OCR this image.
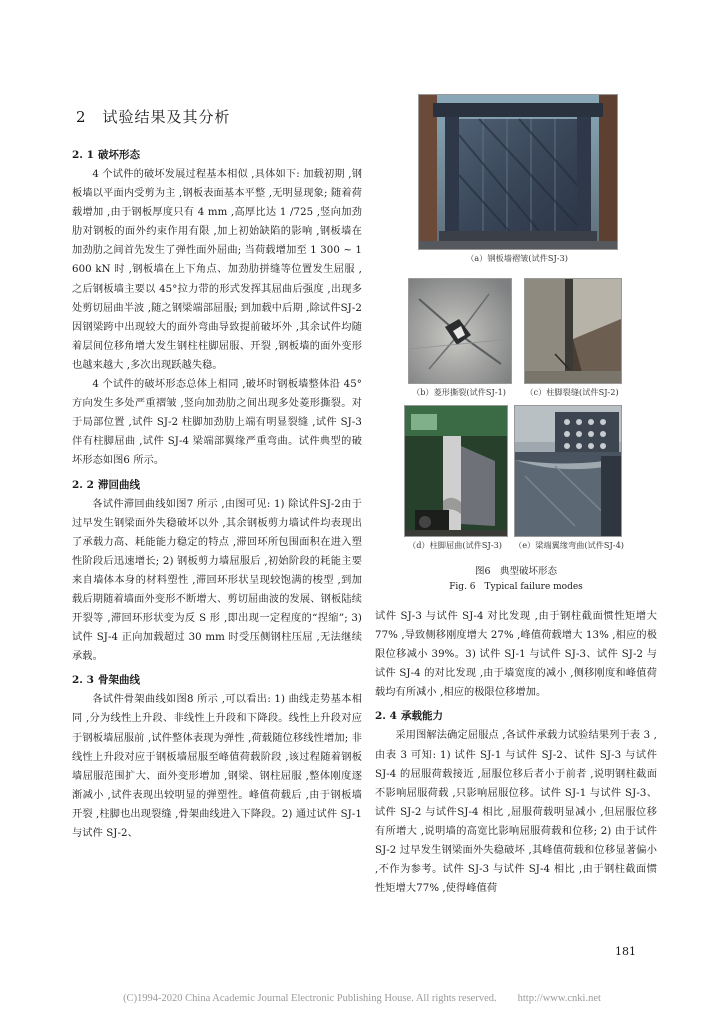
2　试验结果及其分析
2. 1 破坏形态

4 个试件的破坏发展过程基本相似 ,具体如下: 加载初期 ,钢板墙以平面内受剪为主 ,钢板表面基本平整 ,无明显现象; 随着荷载增加 ,由于钢板厚度只有 4 mm ,高厚比达 1 /725 ,竖向加劲肋对钢板的面外约束作用有限 ,加上初始缺陷的影响 ,钢板墙在加劲肋之间首先发生了弹性面外屈曲; 当荷载增加至 1 300 ~ 1 600 kN 时 ,钢板墙在上下角点、加劲肋拼缝等位置发生屈服 ,之后钢板墙主要以 45°拉力带的形式发挥其屈曲后强度 ,出现多处剪切屈曲半波 ,随之钢梁端部屈服; 到加载中后期 ,除试件SJ-2 因钢梁跨中出现较大的面外弯曲导致提前破坏外 ,其余试件均随着层间位移角增大发生钢柱柱脚屈服、开裂 ,钢板墙的面外变形也越来越大 ,多次出现跃越失稳。

4 个试件的破坏形态总体上相同 ,破坏时钢板墙整体沿 45°方向发生多处严重褶皱 ,竖向加劲肋之间出现多处菱形撕裂。对于局部位置 ,试件 SJ-2 柱脚加劲肋上端有明显裂缝 ,试件 SJ-3 伴有柱脚屈曲 ,试件 SJ-4 梁端部翼缘严重弯曲。试件典型的破坏形态如图6 所示。

2. 2 滞回曲线

各试件滞回曲线如图7 所示 ,由图可见: 1) 除试件SJ-2由于过早发生钢梁面外失稳破坏以外 ,其余钢板剪力墙试件均表现出了承载力高、耗能能力稳定的特点 ,滞回环所包围面积在进入塑性阶段后迅速增长; 2) 钢板剪力墙屈服后 ,初始阶段的耗能主要来自墙体本身的材料塑性 ,滞回环形状呈现较饱满的梭型 ,到加载后期随着墙面外变形不断增大、剪切屈曲波的发展、钢板陆续开裂等 ,滞回环形状变为反 S 形 ,即出现一定程度的“捏缩”; 3) 试件 SJ-4 正向加载超过 30 mm 时受压侧钢柱压屈 ,无法继续承载。

2. 3 骨架曲线

各试件骨架曲线如图8 所示 ,可以看出: 1) 曲线走势基本相同 ,分为线性上升段、非线性上升段和下降段。线性上升段对应于钢板墙屈服前 ,试件整体表现为弹性 ,荷载随位移线性增加; 非线性上升段对应于钢板墙屈服至峰值荷载阶段 ,该过程随着钢板墙屈服范围扩大、面外变形增加 ,钢梁、钢柱屈服 ,整体刚度逐渐减小 ,试件表现出较明显的弹塑性。峰值荷载后 ,由于钢板墙开裂 ,柱脚也出现裂缝 ,骨架曲线进入下降段。2) 通过试件 SJ-1 与试件 SJ-2、

（a）钢板墙褶皱(试件SJ-3)
（b）菱形撕裂(试件SJ-1)	（c）柱脚裂缝(试件SJ-2)
（d）柱脚屈曲(试件SJ-3)	（e）梁端翼缘弯曲(试件SJ-4)
图6　典型破坏形态
Fig. 6　Typical failure modes

试件 SJ-3 与试件 SJ-4 对比发现 ,由于钢柱截面惯性矩增大 77% ,导致侧移刚度增大 27% ,峰值荷载增大 13% ,相应的极限位移减小 39%。3) 试件 SJ-1 与试件 SJ-3、试件 SJ-2 与试件 SJ-4 的对比发现 ,由于墙宽度的减小 ,侧移刚度和峰值荷载均有所减小 ,相应的极限位移增加。

2. 4 承载能力

采用图解法确定屈服点 ,各试件承载力试验结果列于表 3 ,由表 3 可知: 1) 试件 SJ-1 与试件 SJ-2、试件 SJ-3 与试件 SJ-4 的屈服荷载接近 ,屈服位移后者小于前者 ,说明钢柱截面不影响屈服荷载 ,只影响屈服位移。试件 SJ-1 与试件 SJ-3、试件 SJ-2 与试件SJ-4 相比 ,屈服荷载明显减小 ,但屈服位移有所增大 ,说明墙的高宽比影响屈服荷载和位移; 2) 由于试件SJ-2 过早发生钢梁面外失稳破坏 ,其峰值荷载和位移显著偏小 ,不作为参考。试件 SJ-3 与试件 SJ-4 相比 ,由于钢柱截面惯性矩增大77% ,使得峰值荷

181
(C)1994-2020 China Academic Journal Electronic Publishing House. All rights reserved.　　http://www.cnki.net
